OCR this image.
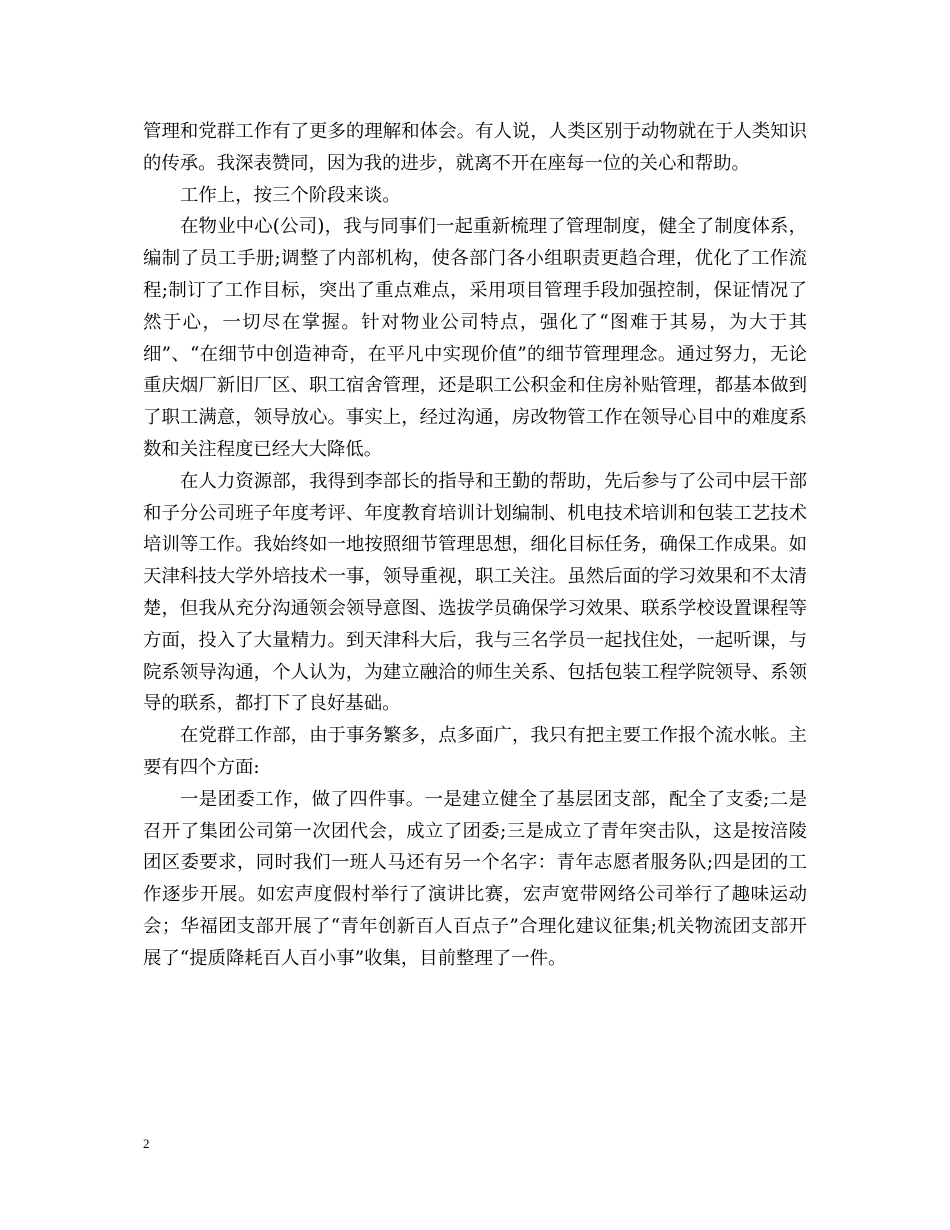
管理和党群工作有了更多的理解和体会。有人说，人类区别于动物就在于人类知识的传承。我深表赞同，因为我的进步，就离不开在座每一位的关心和帮助。

工作上，按三个阶段来谈。

在物业中心(公司)，我与同事们一起重新梳理了管理制度，健全了制度体系，编制了员工手册;调整了内部机构，使各部门各小组职责更趋合理，优化了工作流程;制订了工作目标，突出了重点难点，采用项目管理手段加强控制，保证情况了然于心，一切尽在掌握。针对物业公司特点，强化了“图难于其易，为大于其细”、“在细节中创造神奇，在平凡中实现价值”的细节管理理念。通过努力，无论重庆烟厂新旧厂区、职工宿舍管理，还是职工公积金和住房补贴管理，都基本做到了职工满意，领导放心。事实上，经过沟通，房改物管工作在领导心目中的难度系数和关注程度已经大大降低。

在人力资源部，我得到李部长的指导和王勤的帮助，先后参与了公司中层干部和子分公司班子年度考评、年度教育培训计划编制、机电技术培训和包装工艺技术培训等工作。我始终如一地按照细节管理思想，细化目标任务，确保工作成果。如天津科技大学外培技术一事，领导重视，职工关注。虽然后面的学习效果和不太清楚，但我从充分沟通领会领导意图、选拔学员确保学习效果、联系学校设置课程等方面，投入了大量精力。到天津科大后，我与三名学员一起找住处，一起听课，与院系领导沟通，个人认为，为建立融洽的师生关系、包括包装工程学院领导、系领导的联系，都打下了良好基础。

在党群工作部，由于事务繁多，点多面广，我只有把主要工作报个流水帐。主要有四个方面:

一是团委工作，做了四件事。一是建立健全了基层团支部，配全了支委;二是召开了集团公司第一次团代会，成立了团委;三是成立了青年突击队，这是按涪陵团区委要求，同时我们一班人马还有另一个名字：青年志愿者服务队;四是团的工作逐步开展。如宏声度假村举行了演讲比赛，宏声宽带网络公司举行了趣味运动会；华福团支部开展了“青年创新百人百点子”合理化建议征集;机关物流团支部开展了“提质降耗百人百小事”收集，目前整理了一件。

2
